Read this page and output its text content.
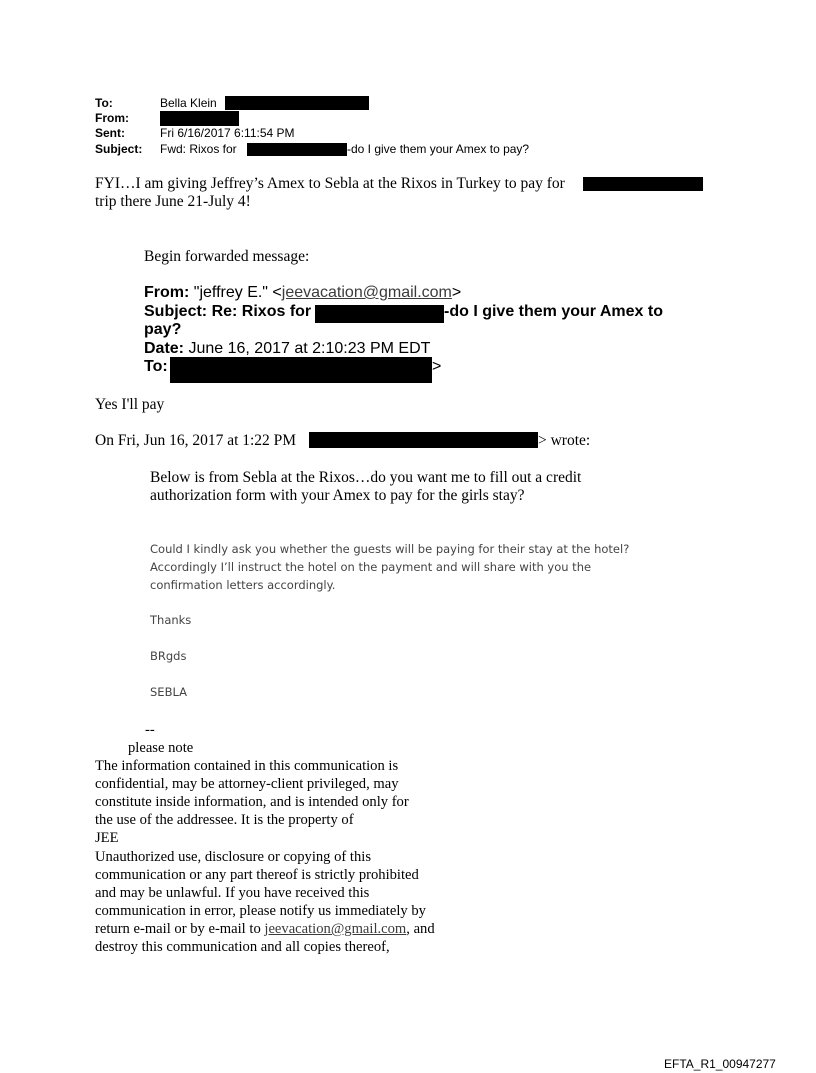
To:	Bella Klein
From:
Sent:	Fri 6/16/2017 6:11:54 PM
Subject: Fwd: Rixos for	-do I give them your Amex to pay?
FYI…I am giving Jeffrey’s Amex to Sebla at the Rixos in Turkey to pay for
trip there June 21-July 4!
Begin forwarded message:
From: "jeffrey E." <jeevacation@gmail.com>
Subject: Re: Rixos for	-do I give them your Amex to
pay?
Date: June 16, 2017 at 2:10:23 PM EDT
To:	>
Yes I'll pay
On Fri, Jun 16, 2017 at 1:22 PM	> wrote:
Below is from Sebla at the Rixos…do you want me to fill out a credit
authorization form with your Amex to pay for the girls stay?
Could I kindly ask you whether the guests will be paying for their stay at the hotel?
Accordingly I’ll instruct the hotel on the payment and will share with you the
confirmation letters accordingly.
Thanks
BRgds
SEBLA
--
please note
The information contained in this communication is
confidential, may be attorney-client privileged, may
constitute inside information, and is intended only for
the use of the addressee. It is the property of
JEE
Unauthorized use, disclosure or copying of this
communication or any part thereof is strictly prohibited
and may be unlawful. If you have received this
communication in error, please notify us immediately by
return e-mail or by e-mail to jeevacation@gmail.com, and
destroy this communication and all copies thereof,
EFTA_R1_00947277
